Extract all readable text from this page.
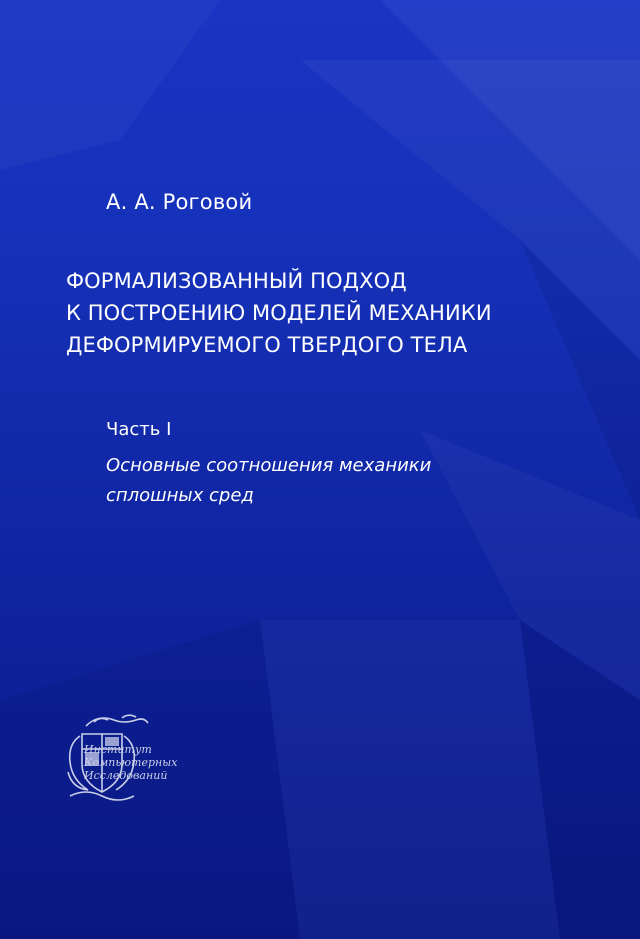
А. А. Роговой
ФОРМАЛИЗОВАННЫЙ ПОДХОД
К ПОСТРОЕНИЮ МОДЕЛЕЙ МЕХАНИКИ
ДЕФОРМИРУЕМОГО ТВЕРДОГО ТЕЛА
Часть I
Основные соотношения механики
сплошных сред
Институт
Компьютерных
Исследований
